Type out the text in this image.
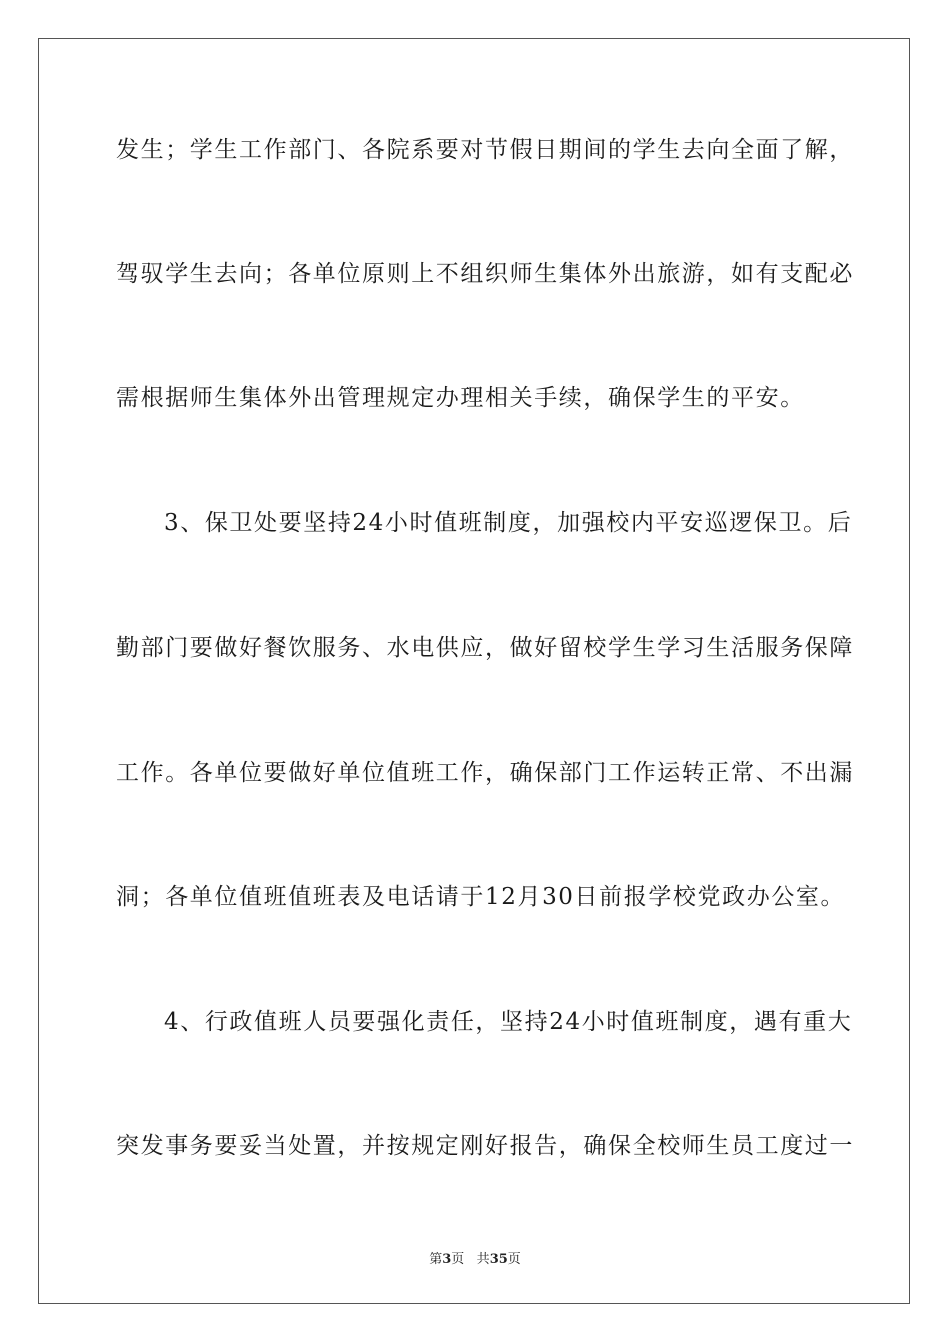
发生；学生工作部门、各院系要对节假日期间的学生去向全面了解，
驾驭学生去向；各单位原则上不组织师生集体外出旅游，如有支配必
需根据师生集体外出管理规定办理相关手续，确保学生的平安。
3、保卫处要坚持24小时值班制度，加强校内平安巡逻保卫。后
勤部门要做好餐饮服务、水电供应，做好留校学生学习生活服务保障
工作。各单位要做好单位值班工作，确保部门工作运转正常、不出漏
洞；各单位值班值班表及电话请于12月30日前报学校党政办公室。
4、行政值班人员要强化责任，坚持24小时值班制度，遇有重大
突发事务要妥当处置，并按规定刚好报告，确保全校师生员工度过一
第3页 共35页
